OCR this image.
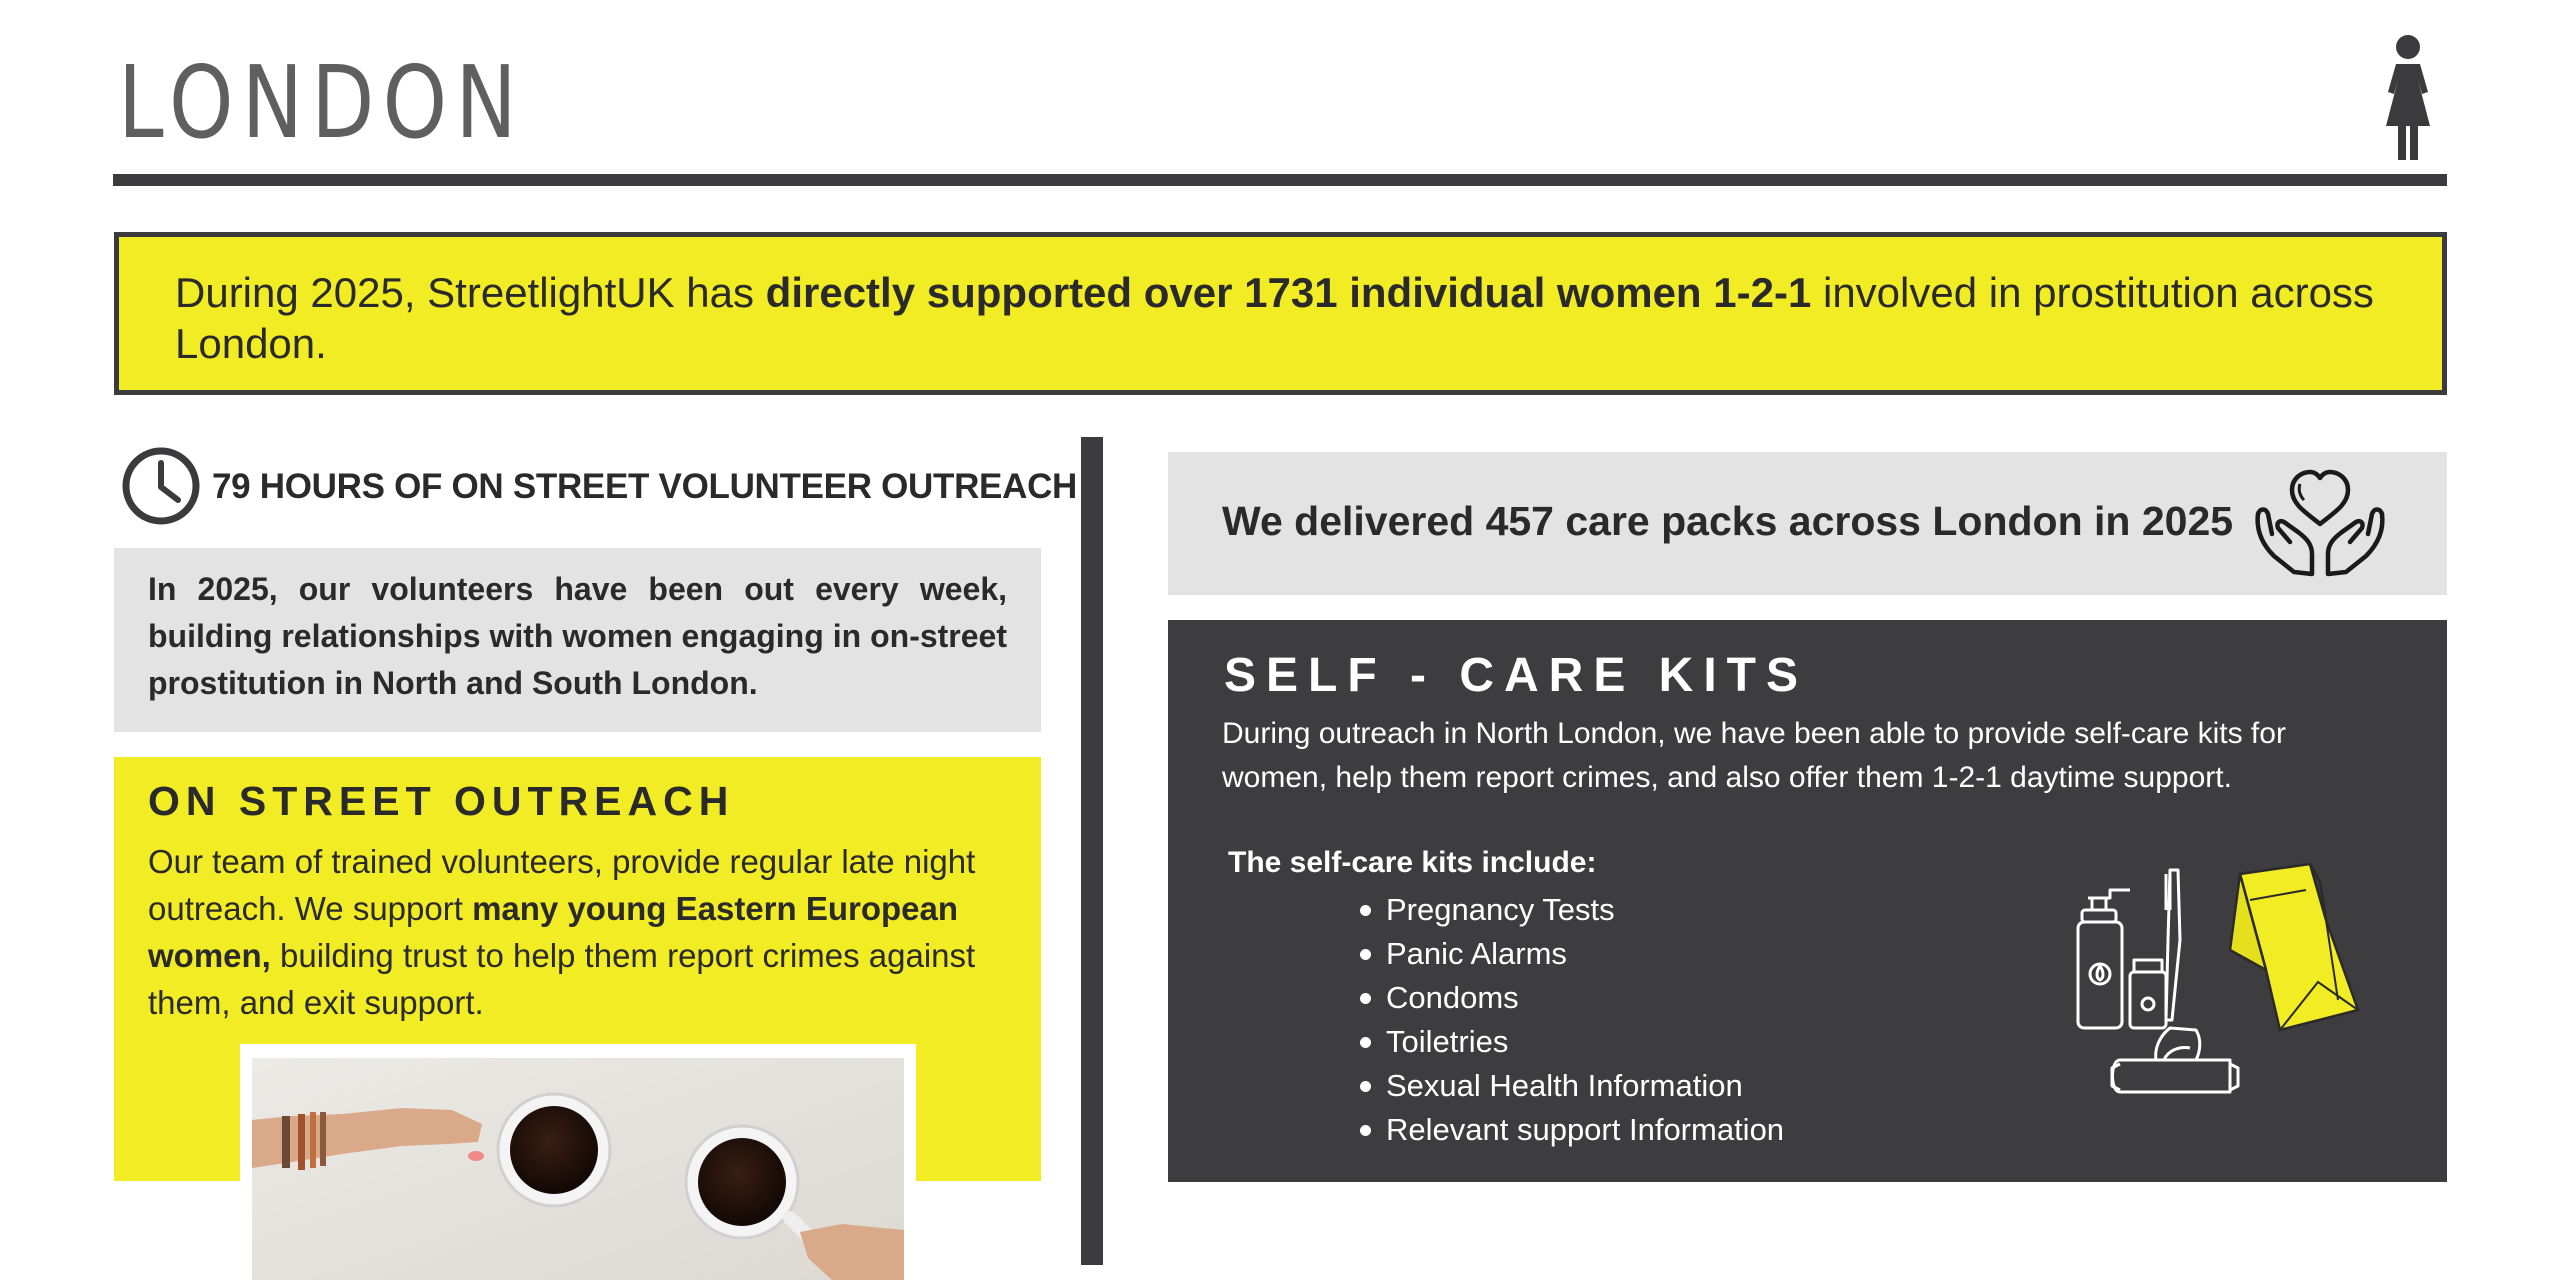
LONDON
During 2025, StreetlightUK has directly supported over 1731 individual women 1-2-1 involved in prostitution across London.
79 HOURS OF ON STREET VOLUNTEER OUTREACH
In 2025, our volunteers have been out every week, building relationships with women engaging in on-street prostitution in North and South London.
ON STREET OUTREACH
Our team of trained volunteers, provide regular late night outreach. We support many young Eastern European women, building trust to help them report crimes against them, and exit support.
We delivered 457 care packs across London in 2025
SELF - CARE KITS
During outreach in North London, we have been able to provide self-care kits for women, help them report crimes, and also offer them 1-2-1 daytime support.
The self-care kits include:
Pregnancy Tests
Panic Alarms
Condoms
Toiletries
Sexual Health Information
Relevant support Information
